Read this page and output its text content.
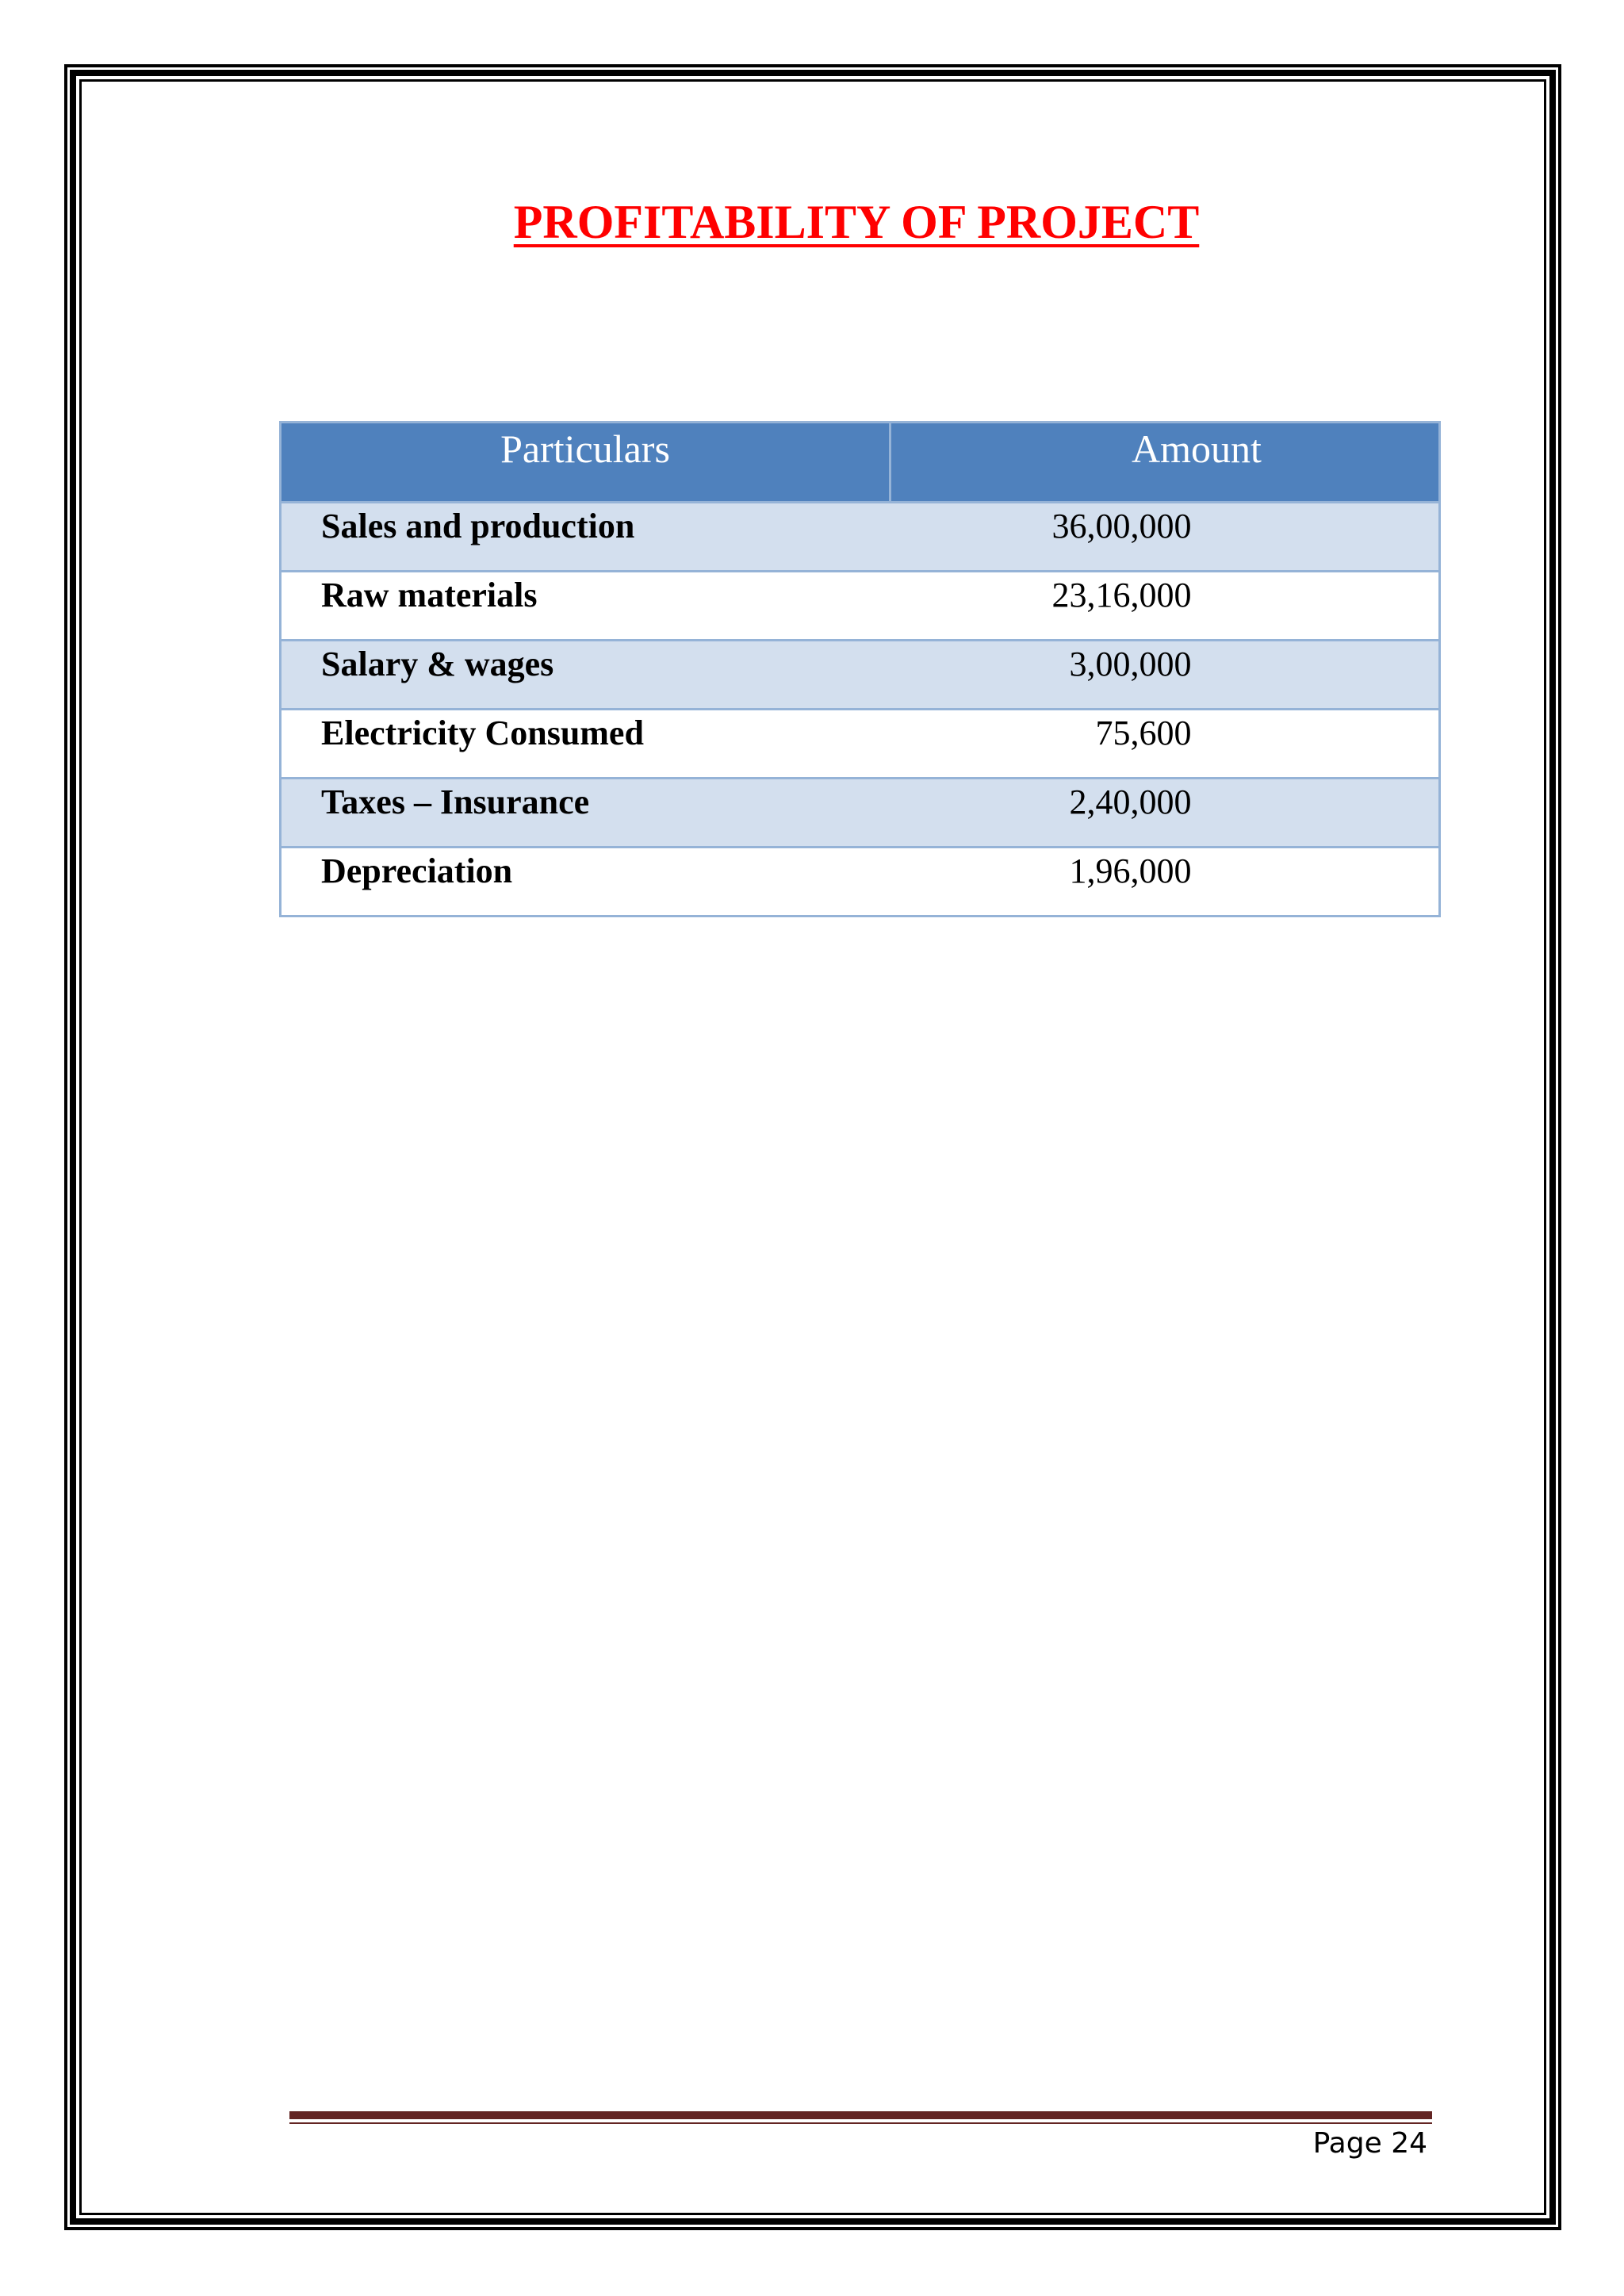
PROFITABILITY OF PROJECT
Particulars	Amount
Sales and production	36,00,000
Raw materials	23,16,000
Salary & wages	3,00,000
Electricity Consumed	75,600
Taxes – Insurance	2,40,000
Depreciation	1,96,000
Page 24
